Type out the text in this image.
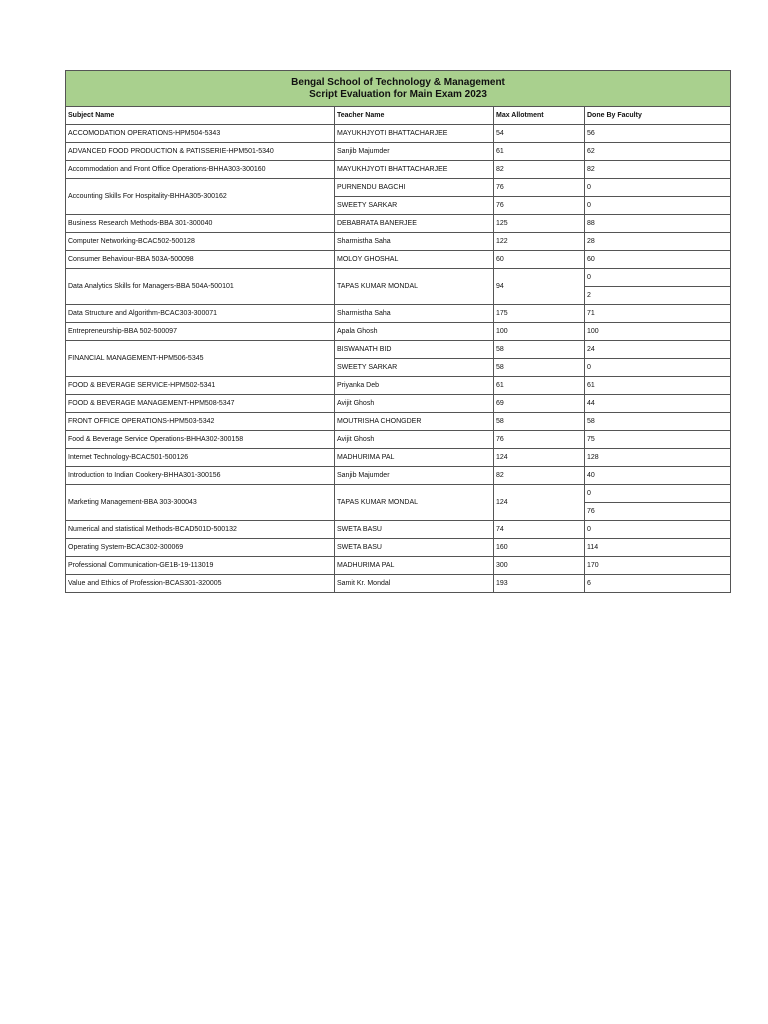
Bengal School of Technology & Management
Script Evaluation for Main Exam 2023			

Subject Name	Teacher Name	Max Allotment	Done By Faculty
ACCOMODATION OPERATIONS-HPM504-5343	MAYUKHJYOTI BHATTACHARJEE	54	56
ADVANCED FOOD PRODUCTION & PATISSERIE-HPM501-5340	Sanjib Majumder	61	62
Accommodation and Front Office Operations-BHHA303-300160	MAYUKHJYOTI BHATTACHARJEE	82	82
Accounting Skills For Hospitality-BHHA305-300162	PURNENDU BAGCHI	76	0
	SWEETY SARKAR	76	0
Business Research Methods-BBA 301-300040	DEBABRATA BANERJEE	125	88
Computer Networking-BCAC502-500128	Sharmistha Saha	122	28
Consumer Behaviour-BBA 503A-500098	MOLOY GHOSHAL	60	60
Data Analytics Skills for Managers-BBA 504A-500101	TAPAS KUMAR MONDAL	94	0
			2
Data Structure and Algorithm-BCAC303-300071	Sharmistha Saha	175	71
Entrepreneurship-BBA 502-500097	Apala Ghosh	100	100
FINANCIAL MANAGEMENT-HPM506-5345	BISWANATH BID	58	24
	SWEETY SARKAR	58	0
FOOD & BEVERAGE SERVICE-HPM502-5341	Priyanka Deb	61	61
FOOD & BEVERAGE MANAGEMENT-HPM508-5347	Avijit Ghosh	69	44
FRONT OFFICE OPERATIONS-HPM503-5342	MOUTRISHA CHONGDER	58	58
Food & Beverage Service Operations-BHHA302-300158	Avijit Ghosh	76	75
Internet Technology-BCAC501-500126	MADHURIMA PAL	124	128
Introduction to Indian Cookery-BHHA301-300156	Sanjib Majumder	82	40
Marketing Management-BBA 303-300043	TAPAS KUMAR MONDAL	124	0
			76
Numerical and statistical Methods-BCAD501D-500132	SWETA BASU	74	0
Operating System-BCAC302-300069	SWETA BASU	160	114
Professional Communication-GE1B-19-113019	MADHURIMA PAL	300	170
Value and Ethics of Profession-BCAS301-320005	Samit Kr. Mondal	193	6
